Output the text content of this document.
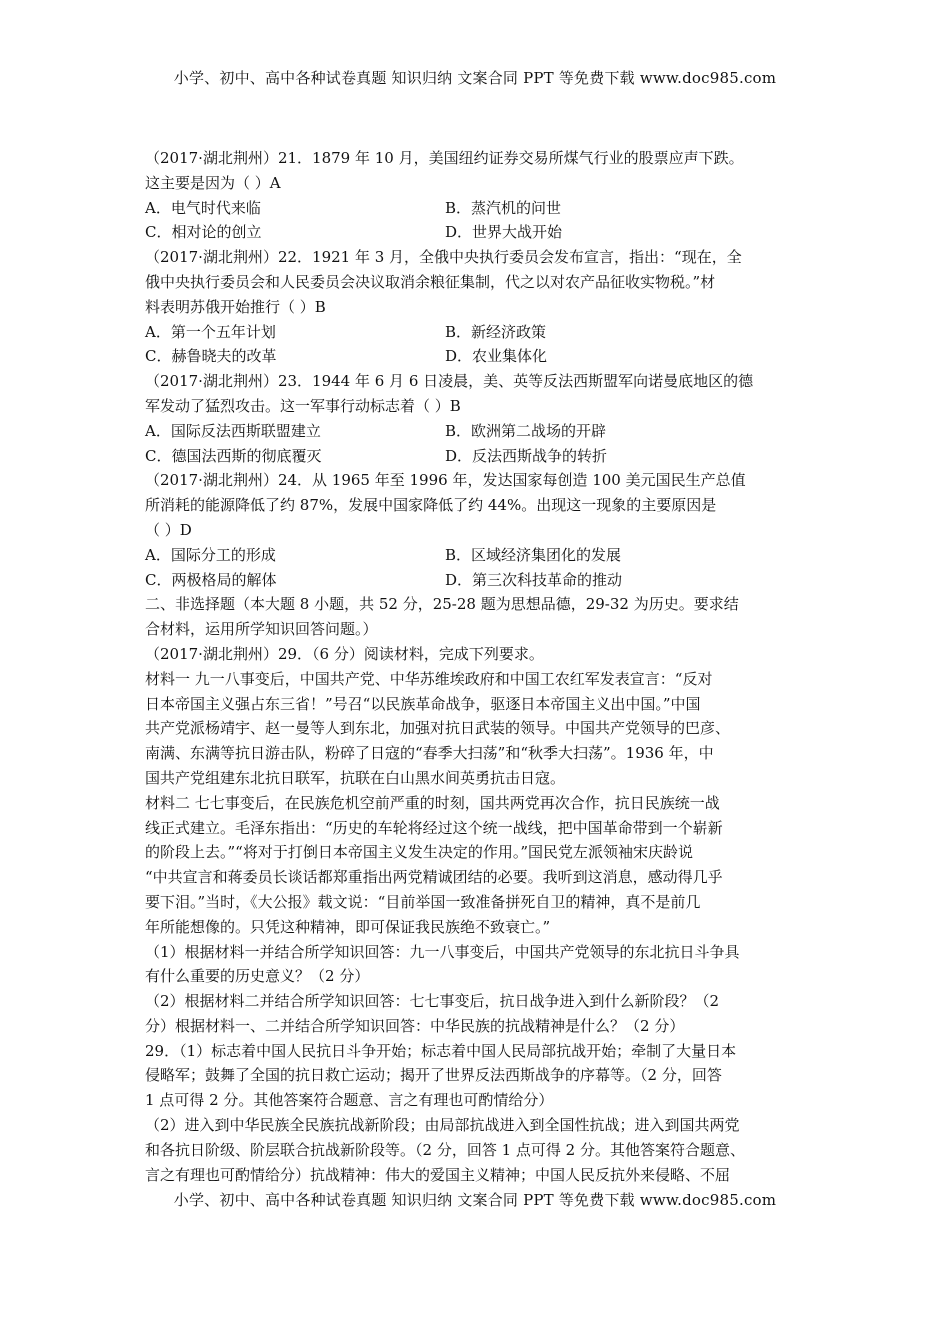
小学、初中、高中各种试卷真题 知识归纳 文案合同 PPT 等免费下载 www.doc985.com
（2017·湖北荆州）21．1879 年 10 月，美国纽约证券交易所煤气行业的股票应声下跌。
这主要是因为（ ）A
A．电气时代来临	B．蒸汽机的问世
C．相对论的创立	D．世界大战开始
（2017·湖北荆州）22．1921 年 3 月，全俄中央执行委员会发布宣言，指出：“现在，全
俄中央执行委员会和人民委员会决议取消余粮征集制，代之以对农产品征收实物税。”材
料表明苏俄开始推行（ ）B
A．第一个五年计划	B．新经济政策
C．赫鲁晓夫的改革	D．农业集体化
（2017·湖北荆州）23．1944 年 6 月 6 日凌晨，美、英等反法西斯盟军向诺曼底地区的德
军发动了猛烈攻击。这一军事行动标志着（ ）B
A．国际反法西斯联盟建立	B．欧洲第二战场的开辟
C．德国法西斯的彻底覆灭	D．反法西斯战争的转折
（2017·湖北荆州）24．从 1965 年至 1996 年，发达国家每创造 100 美元国民生产总值
所消耗的能源降低了约 87%，发展中国家降低了约 44%。出现这一现象的主要原因是
（ ）D
A．国际分工的形成	B．区域经济集团化的发展
C．两极格局的解体	D．第三次科技革命的推动
二、非选择题（本大题 8 小题，共 52 分，25-28 题为思想品德，29-32 为历史。要求结
合材料，运用所学知识回答问题。）
（2017·湖北荆州）29．（6 分）阅读材料，完成下列要求。
材料一 九一八事变后，中国共产党、中华苏维埃政府和中国工农红军发表宣言：“反对
日本帝国主义强占东三省！”号召“以民族革命战争，驱逐日本帝国主义出中国。”中国
共产党派杨靖宇、赵一曼等人到东北，加强对抗日武装的领导。中国共产党领导的巴彦、
南满、东满等抗日游击队，粉碎了日寇的“春季大扫荡”和“秋季大扫荡”。1936 年，中
国共产党组建东北抗日联军，抗联在白山黑水间英勇抗击日寇。
材料二 七七事变后，在民族危机空前严重的时刻，国共两党再次合作，抗日民族统一战
线正式建立。毛泽东指出：“历史的车轮将经过这个统一战线，把中国革命带到一个崭新
的阶段上去。”“将对于打倒日本帝国主义发生决定的作用。”国民党左派领袖宋庆龄说
“中共宣言和蒋委员长谈话都郑重指出两党精诚团结的必要。我听到这消息，感动得几乎
要下泪。”当时，《大公报》载文说：“目前举国一致准备拼死自卫的精神，真不是前几
年所能想像的。只凭这种精神，即可保证我民族绝不致衰亡。”
（1）根据材料一并结合所学知识回答：九一八事变后，中国共产党领导的东北抗日斗争具
有什么重要的历史意义？（2 分）
（2）根据材料二并结合所学知识回答：七七事变后，抗日战争进入到什么新阶段？（2
分）根据材料一、二并结合所学知识回答：中华民族的抗战精神是什么？（2 分）
29．（1）标志着中国人民抗日斗争开始；标志着中国人民局部抗战开始；牵制了大量日本
侵略军；鼓舞了全国的抗日救亡运动；揭开了世界反法西斯战争的序幕等。（2 分，回答
1 点可得 2 分。其他答案符合题意、言之有理也可酌情给分）
（2）进入到中华民族全民族抗战新阶段；由局部抗战进入到全国性抗战；进入到国共两党
和各抗日阶级、阶层联合抗战新阶段等。（2 分，回答 1 点可得 2 分。其他答案符合题意、
言之有理也可酌情给分）抗战精神：伟大的爱国主义精神；中国人民反抗外来侵略、不屈
小学、初中、高中各种试卷真题 知识归纳 文案合同 PPT 等免费下载 www.doc985.com
